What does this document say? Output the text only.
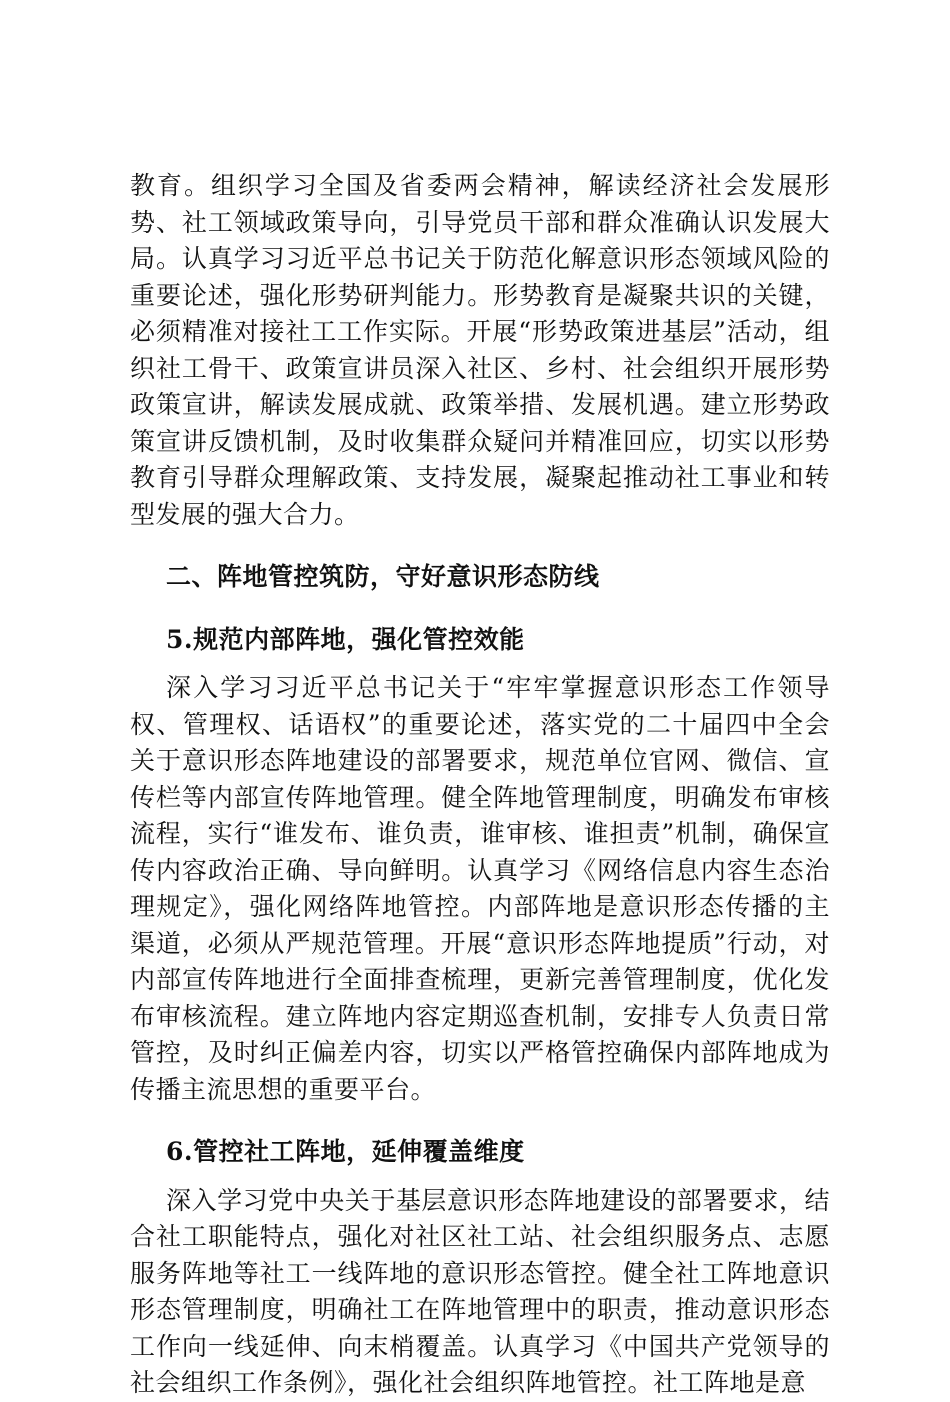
教育。组织学习全国及省委两会精神，解读经济社会发展形势、社工领域政策导向，引导党员干部和群众准确认识发展大局。认真学习习近平总书记关于防范化解意识形态领域风险的重要论述，强化形势研判能力。形势教育是凝聚共识的关键，必须精准对接社工工作实际。开展“形势政策进基层”活动，组织社工骨干、政策宣讲员深入社区、乡村、社会组织开展形势政策宣讲，解读发展成就、政策举措、发展机遇。建立形势政策宣讲反馈机制，及时收集群众疑问并精准回应，切实以形势教育引导群众理解政策、支持发展，凝聚起推动社工事业和转型发展的强大合力。

二、阵地管控筑防，守好意识形态防线
5.规范内部阵地，强化管控效能

深入学习习近平总书记关于“牢牢掌握意识形态工作领导权、管理权、话语权”的重要论述，落实党的二十届四中全会关于意识形态阵地建设的部署要求，规范单位官网、微信、宣传栏等内部宣传阵地管理。健全阵地管理制度，明确发布审核流程，实行“谁发布、谁负责，谁审核、谁担责”机制，确保宣传内容政治正确、导向鲜明。认真学习《网络信息内容生态治理规定》，强化网络阵地管控。内部阵地是意识形态传播的主渠道，必须从严规范管理。开展“意识形态阵地提质”行动，对内部宣传阵地进行全面排查梳理，更新完善管理制度，优化发布审核流程。建立阵地内容定期巡查机制，安排专人负责日常管控，及时纠正偏差内容，切实以严格管控确保内部阵地成为传播主流思想的重要平台。

6.管控社工阵地，延伸覆盖维度

深入学习党中央关于基层意识形态阵地建设的部署要求，结合社工职能特点，强化对社区社工站、社会组织服务点、志愿服务阵地等社工一线阵地的意识形态管控。健全社工阵地意识形态管理制度，明确社工在阵地管理中的职责，推动意识形态工作向一线延伸、向末梢覆盖。认真学习《中国共产党领导的社会组织工作条例》，强化社会组织阵地管控。社工阵地是意
